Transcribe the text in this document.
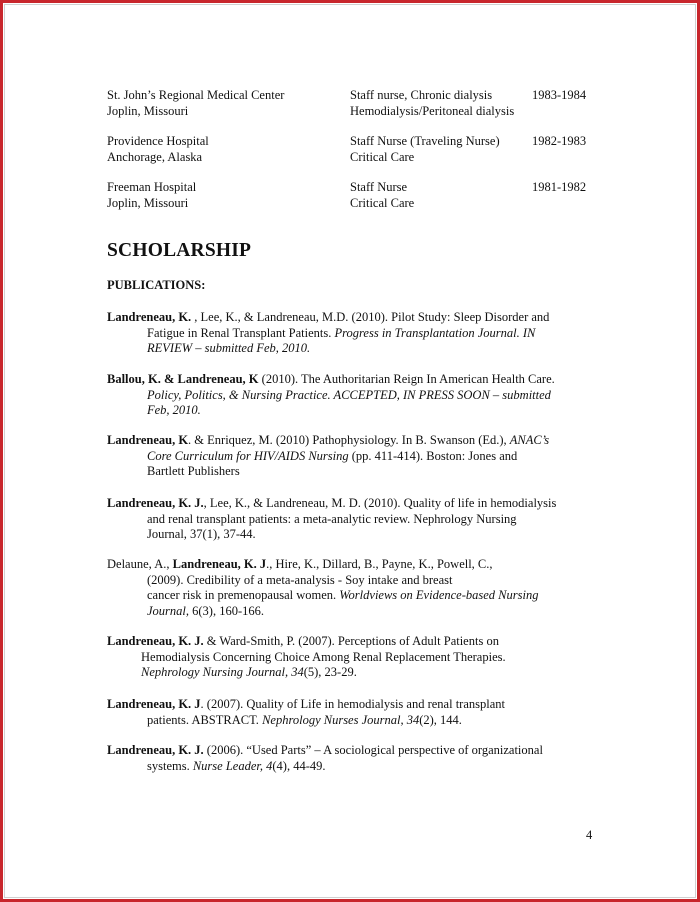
St. John’s Regional Medical Center
Joplin, Missouri
Staff nurse, Chronic dialysis
Hemodialysis/Peritoneal dialysis
1983-1984
Providence Hospital
Anchorage, Alaska
Staff Nurse (Traveling Nurse)
Critical Care
1982-1983
Freeman Hospital
Joplin, Missouri
Staff Nurse
Critical Care
1981-1982
SCHOLARSHIP
PUBLICATIONS:
Landreneau, K. , Lee, K., & Landreneau, M.D. (2010). Pilot Study: Sleep Disorder and
Fatigue in Renal Transplant Patients. Progress in Transplantation Journal. IN
REVIEW – submitted Feb, 2010.
Ballou, K. & Landreneau, K (2010). The Authoritarian Reign In American Health Care.
Policy, Politics, & Nursing Practice. ACCEPTED, IN PRESS SOON – submitted
Feb, 2010.
Landreneau, K. & Enriquez, M. (2010) Pathophysiology. In B. Swanson (Ed.), ANAC’s
Core Curriculum for HIV/AIDS Nursing (pp. 411-414). Boston: Jones and
Bartlett Publishers
Landreneau, K. J., Lee, K., & Landreneau, M. D. (2010). Quality of life in hemodialysis
and renal transplant patients: a meta-analytic review. Nephrology Nursing
Journal, 37(1), 37-44.
Delaune, A., Landreneau, K. J., Hire, K., Dillard, B., Payne, K., Powell, C.,
(2009). Credibility of a meta-analysis - Soy intake and breast
cancer risk in premenopausal women. Worldviews on Evidence-based Nursing
Journal, 6(3), 160-166.
Landreneau, K. J. & Ward-Smith, P. (2007). Perceptions of Adult Patients on
Hemodialysis Concerning Choice Among Renal Replacement Therapies.
Nephrology Nursing Journal, 34(5), 23-29.
Landreneau, K. J. (2007). Quality of Life in hemodialysis and renal transplant
patients. ABSTRACT. Nephrology Nurses Journal, 34(2), 144.
Landreneau, K. J. (2006). “Used Parts” – A sociological perspective of organizational
systems. Nurse Leader, 4(4), 44-49.
4
